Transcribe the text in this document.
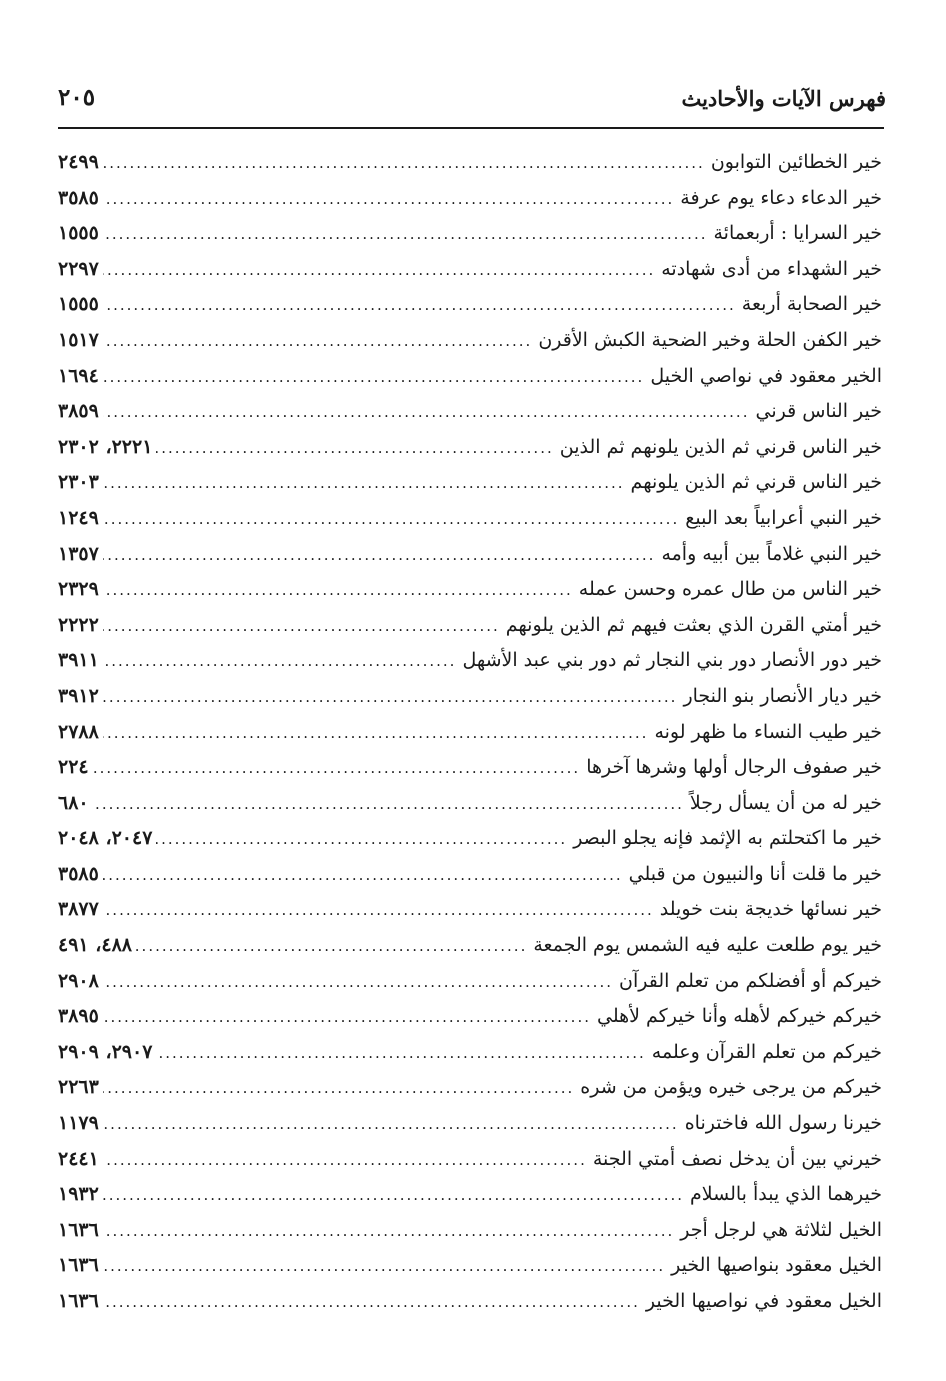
فهرس الآيات والأحاديث
٢٠٥
خير الخطائين التوابون
.....
٢٤٩٩
خير الدعاء دعاء يوم عرفة
.....
٣٥٨٥
خير السرايا : أربعمائة
.....
١٥٥٥
خير الشهداء من أدى شهادته
.....
٢٢٩٧
خير الصحابة أربعة
.....
١٥٥٥
خير الكفن الحلة وخير الضحية الكبش الأقرن
.....
١٥١٧
الخير معقود في نواصي الخيل
.....
١٦٩٤
خير الناس قرني
.....
٣٨٥٩
خير الناس قرني ثم الذين يلونهم ثم الذين
.....
٢٢٢١، ٢٣٠٢
خير الناس قرني ثم الذين يلونهم
.....
٢٣٠٣
خير النبي أعرابياً بعد البيع
.....
١٢٤٩
خير النبي غلاماً بين أبيه وأمه
.....
١٣٥٧
خير الناس من طال عمره وحسن عمله
.....
٢٣٢٩
خير أمتي القرن الذي بعثت فيهم ثم الذين يلونهم
.....
٢٢٢٢
خير دور الأنصار دور بني النجار ثم دور بني عبد الأشهل
.....
٣٩١١
خير ديار الأنصار بنو النجار
.....
٣٩١٢
خير طيب النساء ما ظهر لونه
.....
٢٧٨٨
خير صفوف الرجال أولها وشرها آخرها
.....
٢٢٤
خير له من أن يسأل رجلاً
.....
٦٨٠
خير ما اكتحلتم به الإثمد فإنه يجلو البصر
.....
٢٠٤٧، ٢٠٤٨
خير ما قلت أنا والنبيون من قبلي
.....
٣٥٨٥
خير نسائها خديجة بنت خويلد
.....
٣٨٧٧
خير يوم طلعت عليه فيه الشمس يوم الجمعة
.....
٤٨٨، ٤٩١
خيركم أو أفضلكم من تعلم القرآن
.....
٢٩٠٨
خيركم خيركم لأهله وأنا خيركم لأهلي
.....
٣٨٩٥
خيركم من تعلم القرآن وعلمه
.....
٢٩٠٧، ٢٩٠٩
خيركم من يرجى خيره ويؤمن من شره
.....
٢٢٦٣
خيرنا رسول الله فاخترناه
.....
١١٧٩
خيرني بين أن يدخل نصف أمتي الجنة
.....
٢٤٤١
خيرهما الذي يبدأ بالسلام
.....
١٩٣٢
الخيل لثلاثة هي لرجل أجر
.....
١٦٣٦
الخيل معقود بنواصيها الخير
.....
١٦٣٦
الخيل معقود في نواصيها الخير
.....
١٦٣٦
